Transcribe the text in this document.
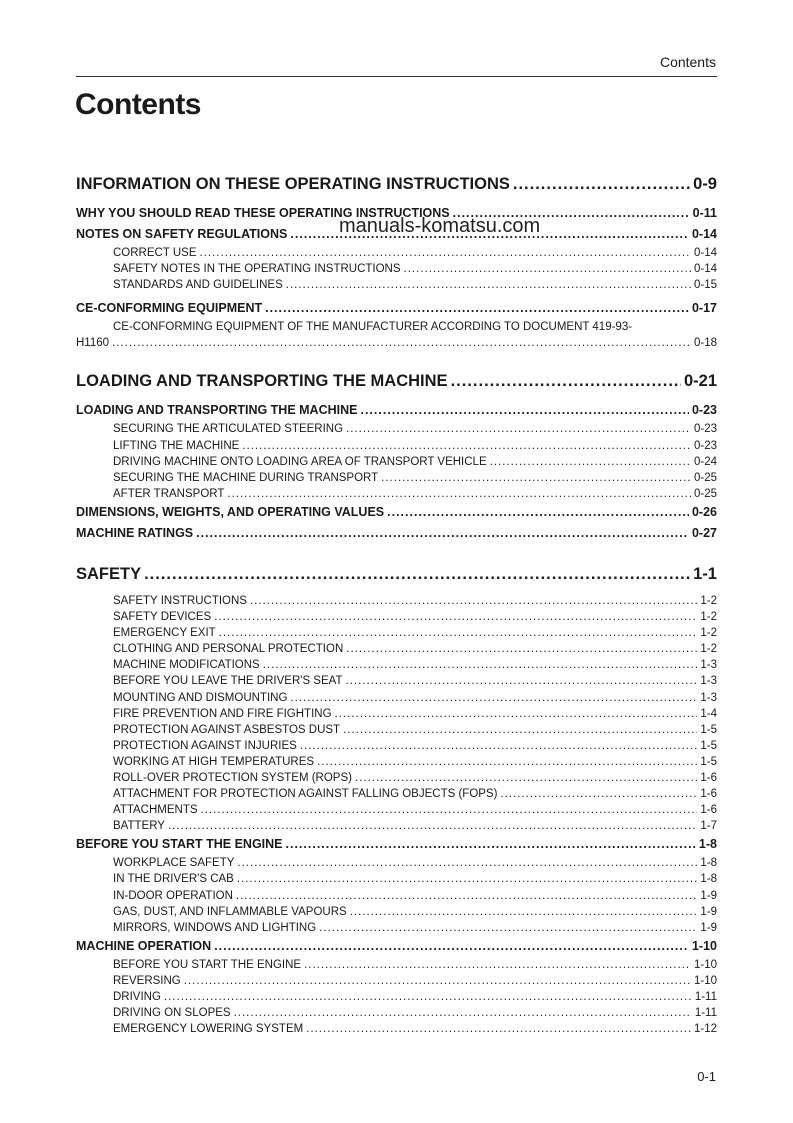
Contents
Contents
INFORMATION ON THESE OPERATING INSTRUCTIONS .....	0-9
WHY YOU SHOULD READ THESE OPERATING INSTRUCTIONS .....	0-11
NOTES ON SAFETY REGULATIONS .....	0-14
CORRECT USE .....	0-14
SAFETY NOTES IN THE OPERATING INSTRUCTIONS .....	0-14
STANDARDS AND GUIDELINES .....	0-15
CE-CONFORMING EQUIPMENT .....	0-17
CE-CONFORMING EQUIPMENT OF THE MANUFACTURER ACCORDING TO DOCUMENT 419-93-
H1160 .....	0-18
LOADING AND TRANSPORTING THE MACHINE .....	0-21
LOADING AND TRANSPORTING THE MACHINE .....	0-23
SECURING THE ARTICULATED STEERING .....	0-23
LIFTING THE MACHINE .....	0-23
DRIVING MACHINE ONTO LOADING AREA OF TRANSPORT VEHICLE .....	0-24
SECURING THE MACHINE DURING TRANSPORT .....	0-25
AFTER TRANSPORT .....	0-25
DIMENSIONS, WEIGHTS, AND OPERATING VALUES .....	0-26
MACHINE RATINGS .....	0-27
SAFETY .....	1-1
SAFETY INSTRUCTIONS .....	1-2
SAFETY DEVICES .....	1-2
EMERGENCY EXIT .....	1-2
CLOTHING AND PERSONAL PROTECTION .....	1-2
MACHINE MODIFICATIONS .....	1-3
BEFORE YOU LEAVE THE DRIVER'S SEAT .....	1-3
MOUNTING AND DISMOUNTING .....	1-3
FIRE PREVENTION AND FIRE FIGHTING .....	1-4
PROTECTION AGAINST ASBESTOS DUST .....	1-5
PROTECTION AGAINST INJURIES .....	1-5
WORKING AT HIGH TEMPERATURES .....	1-5
ROLL-OVER PROTECTION SYSTEM (ROPS) .....	1-6
ATTACHMENT FOR PROTECTION AGAINST FALLING OBJECTS (FOPS) .....	1-6
ATTACHMENTS .....	1-6
BATTERY .....	1-7
BEFORE YOU START THE ENGINE .....	1-8
WORKPLACE SAFETY .....	1-8
IN THE DRIVER'S CAB .....	1-8
IN-DOOR OPERATION .....	1-9
GAS, DUST, AND INFLAMMABLE VAPOURS .....	1-9
MIRRORS, WINDOWS AND LIGHTING .....	1-9
MACHINE OPERATION .....	1-10
BEFORE YOU START THE ENGINE .....	1-10
REVERSING .....	1-10
DRIVING .....	1-11
DRIVING ON SLOPES .....	1-11
EMERGENCY LOWERING SYSTEM .....	1-12
manuals-komatsu.com
0-1
